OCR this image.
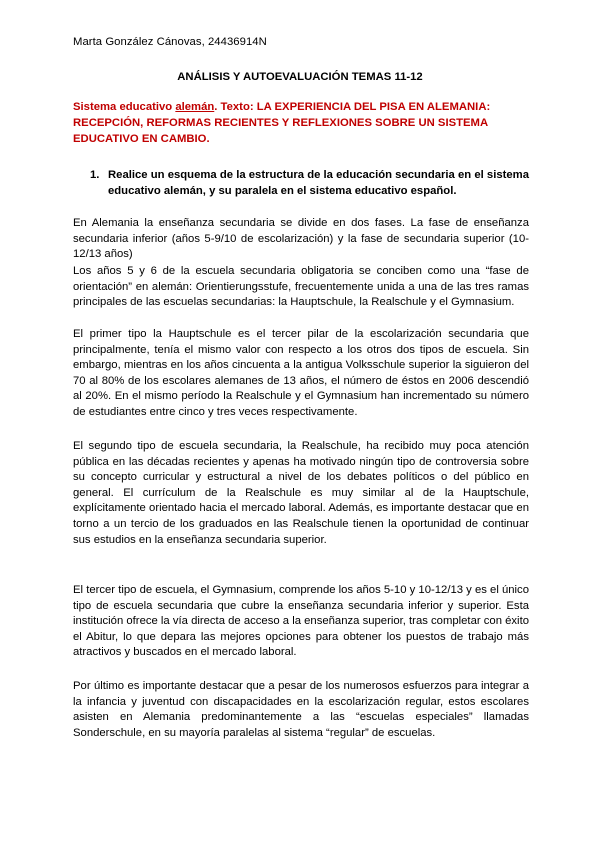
Marta González Cánovas, 24436914N
ANÁLISIS Y AUTOEVALUACIÓN TEMAS 11-12
Sistema educativo alemán. Texto: LA EXPERIENCIA DEL PISA EN ALEMANIA: RECEPCIÓN, REFORMAS RECIENTES Y REFLEXIONES SOBRE UN SISTEMA EDUCATIVO EN CAMBIO.
1. Realice un esquema de la estructura de la educación secundaria en el sistema educativo alemán, y su paralela en el sistema educativo español.

En Alemania la enseñanza secundaria se divide en dos fases. La fase de enseñanza secundaria inferior (años 5-9/10 de escolarización) y la fase de secundaria superior (10-12/13 años)

Los años 5 y 6 de la escuela secundaria obligatoria se conciben como una “fase de orientación” en alemán: Orientierungsstufe, frecuentemente unida a una de las tres ramas principales de las escuelas secundarias: la Hauptschule, la Realschule y el Gymnasium.

El primer tipo la Hauptschule es el tercer pilar de la escolarización secundaria que principalmente, tenía el mismo valor con respecto a los otros dos tipos de escuela. Sin embargo, mientras en los años cincuenta a la antigua Volksschule superior la siguieron del 70 al 80% de los escolares alemanes de 13 años, el número de éstos en 2006 descendió al 20%. En el mismo período la Realschule y el Gymnasium han incrementado su número de estudiantes entre cinco y tres veces respectivamente.

El segundo tipo de escuela secundaria, la Realschule, ha recibido muy poca atención pública en las décadas recientes y apenas ha motivado ningún tipo de controversia sobre su concepto curricular y estructural a nivel de los debates políticos o del público en general. El currículum de la Realschule es muy similar al de la Hauptschule, explícitamente orientado hacia el mercado laboral. Además, es importante destacar que en torno a un tercio de los graduados en las Realschule tienen la oportunidad de continuar sus estudios en la enseñanza secundaria superior.

El tercer tipo de escuela, el Gymnasium, comprende los años 5-10 y 10-12/13 y es el único tipo de escuela secundaria que cubre la enseñanza secundaria inferior y superior. Esta institución ofrece la vía directa de acceso a la enseñanza superior, tras completar con éxito el Abitur, lo que depara las mejores opciones para obtener los puestos de trabajo más atractivos y buscados en el mercado laboral.

Por último es importante destacar que a pesar de los numerosos esfuerzos para integrar a la infancia y juventud con discapacidades en la escolarización regular, estos escolares asisten en Alemania predominantemente a las “escuelas especiales” llamadas Sonderschule, en su mayoría paralelas al sistema “regular” de escuelas.
